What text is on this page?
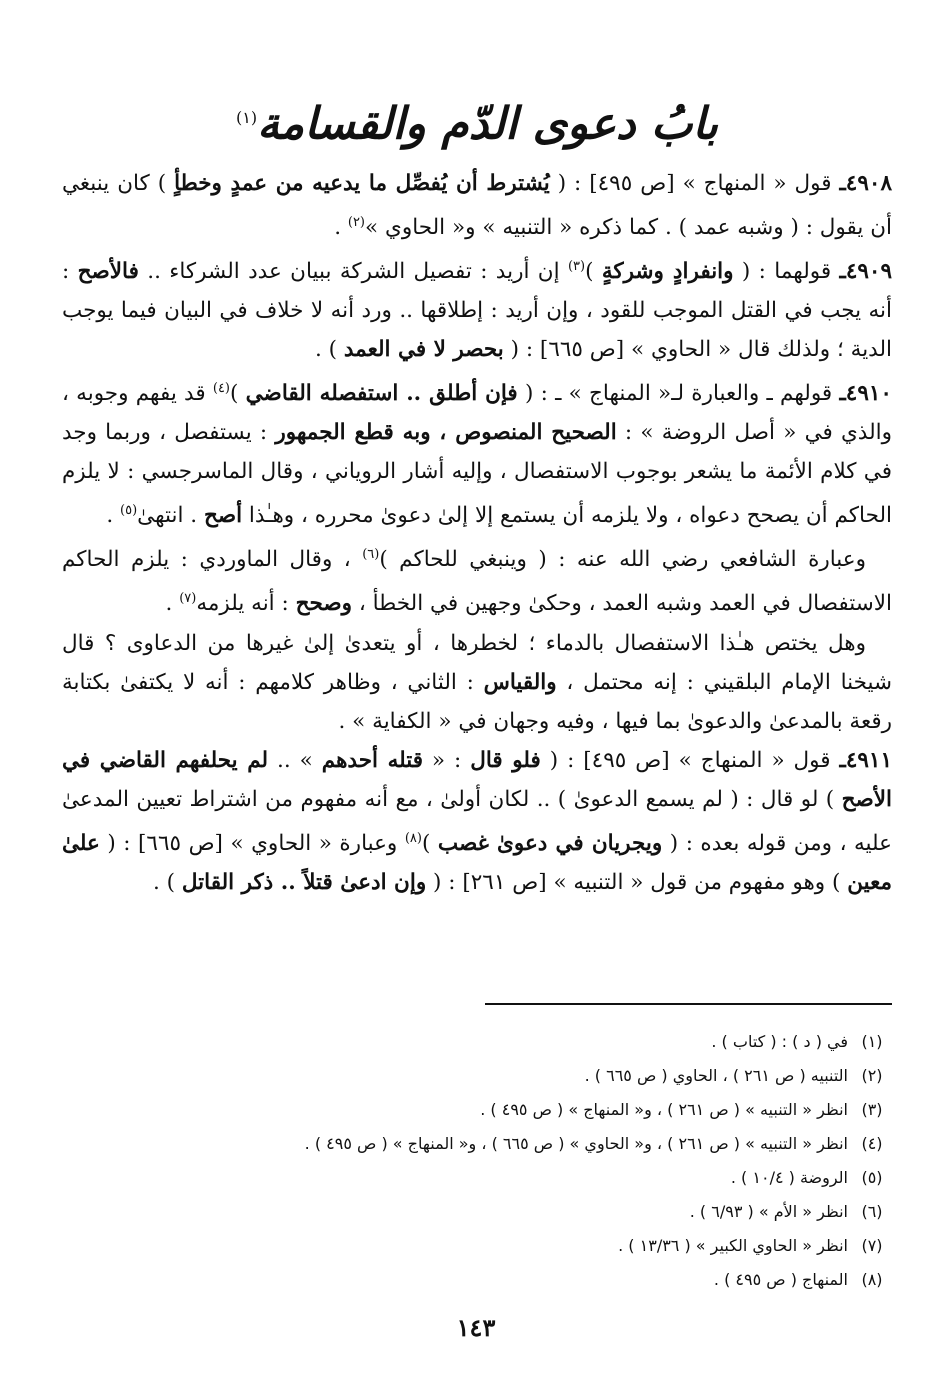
بابُ دعوى الدّم والقسامة$^{(١)}$

٤٩٠٨ـ قول « المنهاج » [ص ٤٩٥] : ( يُشترط أن يُفصِّل ما يدعيه من عمدٍ وخطأٍ ) كان ينبغي أن يقول : ( وشبه عمد ) . كما ذكره « التنبيه » و« الحاوي »$^{(٢)}$ .

٤٩٠٩ـ قولهما : ( وانفرادٍ وشركةٍ )$^{(٣)}$ إن أريد : تفصيل الشركة ببيان عدد الشركاء .. فالأصح : أنه يجب في القتل الموجب للقود ، وإن أريد : إطلاقها .. ورد أنه لا خلاف في البيان فيما يوجب الدية ؛ ولذلك قال « الحاوي » [ص ٦٦٥] : ( بحصر لا في العمد ) .

٤٩١٠ـ قولهم ـ والعبارة لـ« المنهاج » ـ : ( فإن أطلق .. استفصله القاضي )$^{(٤)}$ قد يفهم وجوبه ، والذي في « أصل الروضة » : الصحيح المنصوص ، وبه قطع الجمهور : يستفصل ، وربما وجد في كلام الأئمة ما يشعر بوجوب الاستفصال ، وإليه أشار الروياني ، وقال الماسرجسي : لا يلزم الحاكم أن يصحح دعواه ، ولا يلزمه أن يستمع إلا إلىٰ دعوىٰ محرره ، وهـٰذا أصح . انتهىٰ$^{(٥)}$ .

وعبارة الشافعي رضي الله عنه : ( وينبغي للحاكم )$^{(٦)}$ ، وقال الماوردي : يلزم الحاكم الاستفصال في العمد وشبه العمد ، وحكىٰ وجهين في الخطأ ، وصحح : أنه يلزمه$^{(٧)}$ .

وهل يختص هـٰذا الاستفصال بالدماء ؛ لخطرها ، أو يتعدىٰ إلىٰ غيرها من الدعاوى ؟ قال شيخنا الإمام البلقيني : إنه محتمل ، والقياس : الثاني ، وظاهر كلامهم : أنه لا يكتفىٰ بكتابة رقعة بالمدعىٰ والدعوىٰ بما فيها ، وفيه وجهان في « الكفاية » .

٤٩١١ـ قول « المنهاج » [ص ٤٩٥] : ( فلو قال : « قتله أحدهم » .. لم يحلفهم القاضي في الأصح ) لو قال : ( لم يسمع الدعوىٰ ) .. لكان أولىٰ ، مع أنه مفهوم من اشتراط تعيين المدعىٰ عليه ، ومن قوله بعده : ( ويجريان في دعوىٰ غصب )$^{(٨)}$ وعبارة « الحاوي » [ص ٦٦٥] : ( علىٰ معين ) وهو مفهوم من قول « التنبيه » [ص ٢٦١] : ( وإن ادعىٰ قتلاً .. ذكر القاتل ) .

(١)
في ( د ) : ( كتاب ) .
(٢)
التنبيه ( ص ٢٦١ ) ، الحاوي ( ص ٦٦٥ ) .
(٣)
انظر « التنبيه » ( ص ٢٦١ ) ، و« المنهاج » ( ص ٤٩٥ ) .
(٤)
انظر « التنبيه » ( ص ٢٦١ ) ، و« الحاوي » ( ص ٦٦٥ ) ، و« المنهاج » ( ص ٤٩٥ ) .
(٥)
الروضة ( ١٠/٤ ) .
(٦)
انظر « الأم » ( ٦/٩٣ ) .
(٧)
انظر « الحاوي الكبير » ( ١٣/٣٦ ) .
(٨)
المنهاج ( ص ٤٩٥ ) .
١٤٣
